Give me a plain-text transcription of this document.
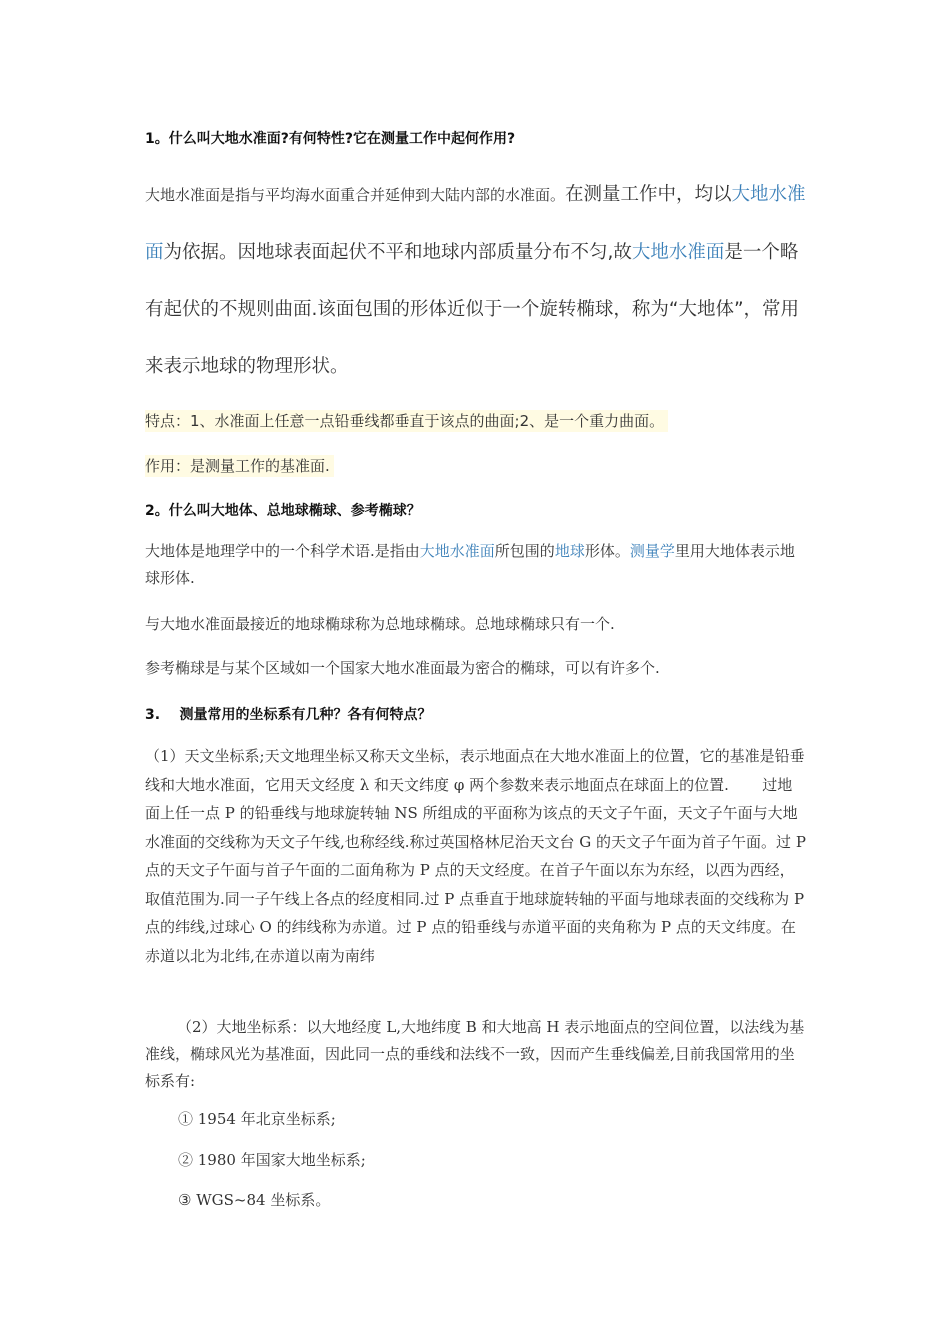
1。什么叫大地水准面?有何特性?它在测量工作中起何作用?
大地水准面是指与平均海水面重合并延伸到大陆内部的水准面。在测量工作中，均以大地水准面为依据。因地球表面起伏不平和地球内部质量分布不匀,故大地水准面是一个略有起伏的不规则曲面.该面包围的形体近似于一个旋转椭球，称为“大地体”，常用来表示地球的物理形状。
特点：1、水准面上任意一点铅垂线都垂直于该点的曲面;2、是一个重力曲面。
作用：是测量工作的基准面.
2。什么叫大地体、总地球椭球、参考椭球？
大地体是地理学中的一个科学术语.是指由大地水准面所包围的地球形体。测量学里用大地体表示地球形体.
与大地水准面最接近的地球椭球称为总地球椭球。总地球椭球只有一个.
参考椭球是与某个区域如一个国家大地水准面最为密合的椭球，可以有许多个.
3.    测量常用的坐标系有几种？各有何特点？
（1）天文坐标系;天文地理坐标又称天文坐标，表示地面点在大地水准面上的位置，它的基准是铅垂线和大地水准面，它用天文经度 λ 和天文纬度 φ 两个参数来表示地面点在球面上的位置.       过地面上任一点 P 的铅垂线与地球旋转轴 NS 所组成的平面称为该点的天文子午面，天文子午面与大地水准面的交线称为天文子午线,也称经线.称过英国格林尼治天文台 G 的天文子午面为首子午面。过 P 点的天文子午面与首子午面的二面角称为 P 点的天文经度。在首子午面以东为东经，以西为西经，取值范围为.同一子午线上各点的经度相同.过 P 点垂直于地球旋转轴的平面与地球表面的交线称为 P 点的纬线,过球心 O 的纬线称为赤道。过 P 点的铅垂线与赤道平面的夹角称为 P 点的天文纬度。在赤道以北为北纬,在赤道以南为南纬
（2）大地坐标系：以大地经度 L,大地纬度 B 和大地高 H 表示地面点的空间位置，以法线为基准线，椭球风光为基准面，因此同一点的垂线和法线不一致，因而产生垂线偏差,目前我国常用的坐标系有:
① 1954 年北京坐标系;
② 1980 年国家大地坐标系;
③ WGS~84 坐标系。
